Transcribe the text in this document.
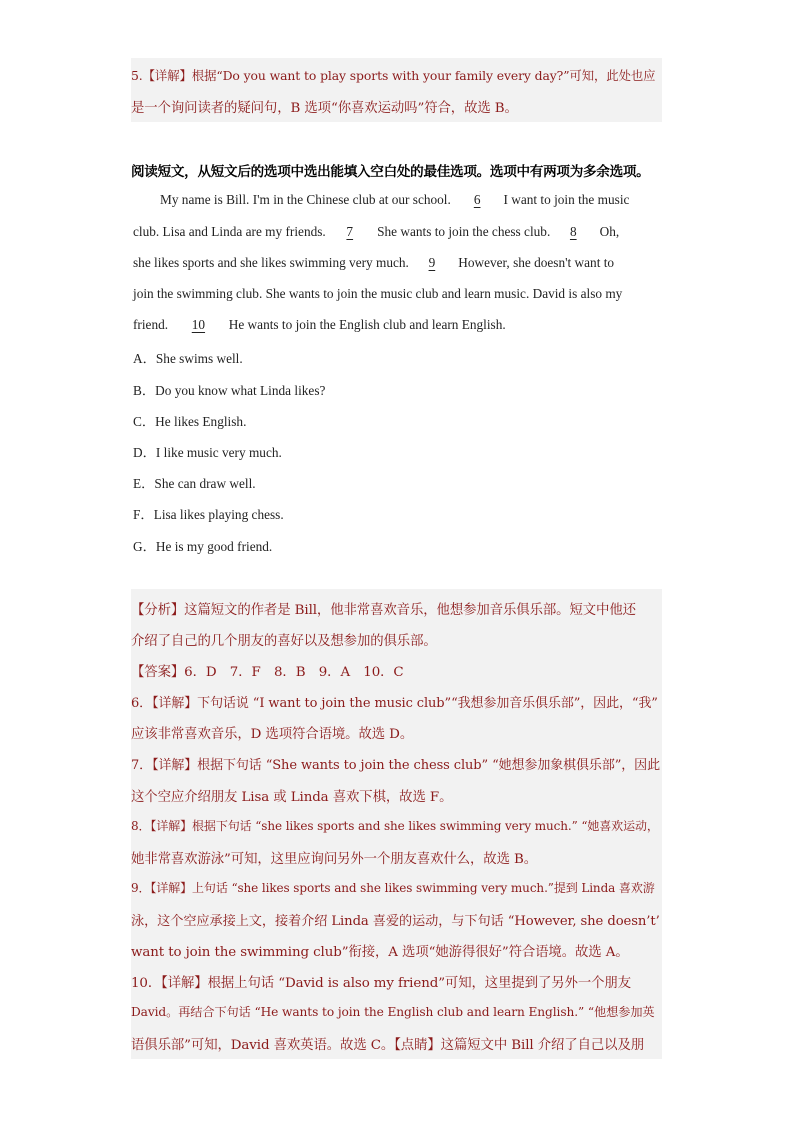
5.【详解】根据“Do you want to play sports with your family every day?”可知，此处也应
是一个询问读者的疑问句，B 选项“你喜欢运动吗”符合，故选 B。
阅读短文，从短文后的选项中选出能填入空白处的最佳选项。选项中有两项为多余选项。
My name is Bill. I'm in the Chinese club at our school. 6 I want to join the music
club. Lisa and Linda are my friends. 7 She wants to join the chess club. 8 Oh,
she likes sports and she likes swimming very much. 9 However, she doesn't want to
join the swimming club. She wants to join the music club and learn music. David is also my
friend. 10 He wants to join the English club and learn English.
A．She swims well.
B．Do you know what Linda likes?
C．He likes English.
D．I like music very much.
E．She can draw well.
F．Lisa likes playing chess.
G．He is my good friend.
【分析】这篇短文的作者是 Bill，他非常喜欢音乐，他想参加音乐俱乐部。短文中他还
介绍了自己的几个朋友的喜好以及想参加的俱乐部。
【答案】6．D　7．F　8．B　9．A　10．C
6．【详解】下句话说 “I want to join the music club”“我想参加音乐俱乐部”，因此，“我”
应该非常喜欢音乐，D 选项符合语境。故选 D。
7．【详解】根据下句话 “She wants to join the chess club” “她想参加象棋俱乐部”，因此
这个空应介绍朋友 Lisa 或 Linda 喜欢下棋，故选 F。
8．【详解】根据下句话 “she likes sports and she likes swimming very much.” “她喜欢运动，
她非常喜欢游泳”可知，这里应询问另外一个朋友喜欢什么，故选 B。
9．【详解】上句话 “she likes sports and she likes swimming very much.”提到 Linda 喜欢游
泳，这个空应承接上文，接着介绍 Linda 喜爱的运动，与下句话 “However, she doesn’t’
want to join the swimming club”衔接，A 选项“她游得很好”符合语境。故选 A。
10．【详解】根据上句话 “David is also my friend”可知，这里提到了另外一个朋友
David。再结合下句话 “He wants to join the English club and learn English.” “他想参加英
语俱乐部”可知，David 喜欢英语。故选 C。【点睛】这篇短文中 Bill 介绍了自己以及朋
